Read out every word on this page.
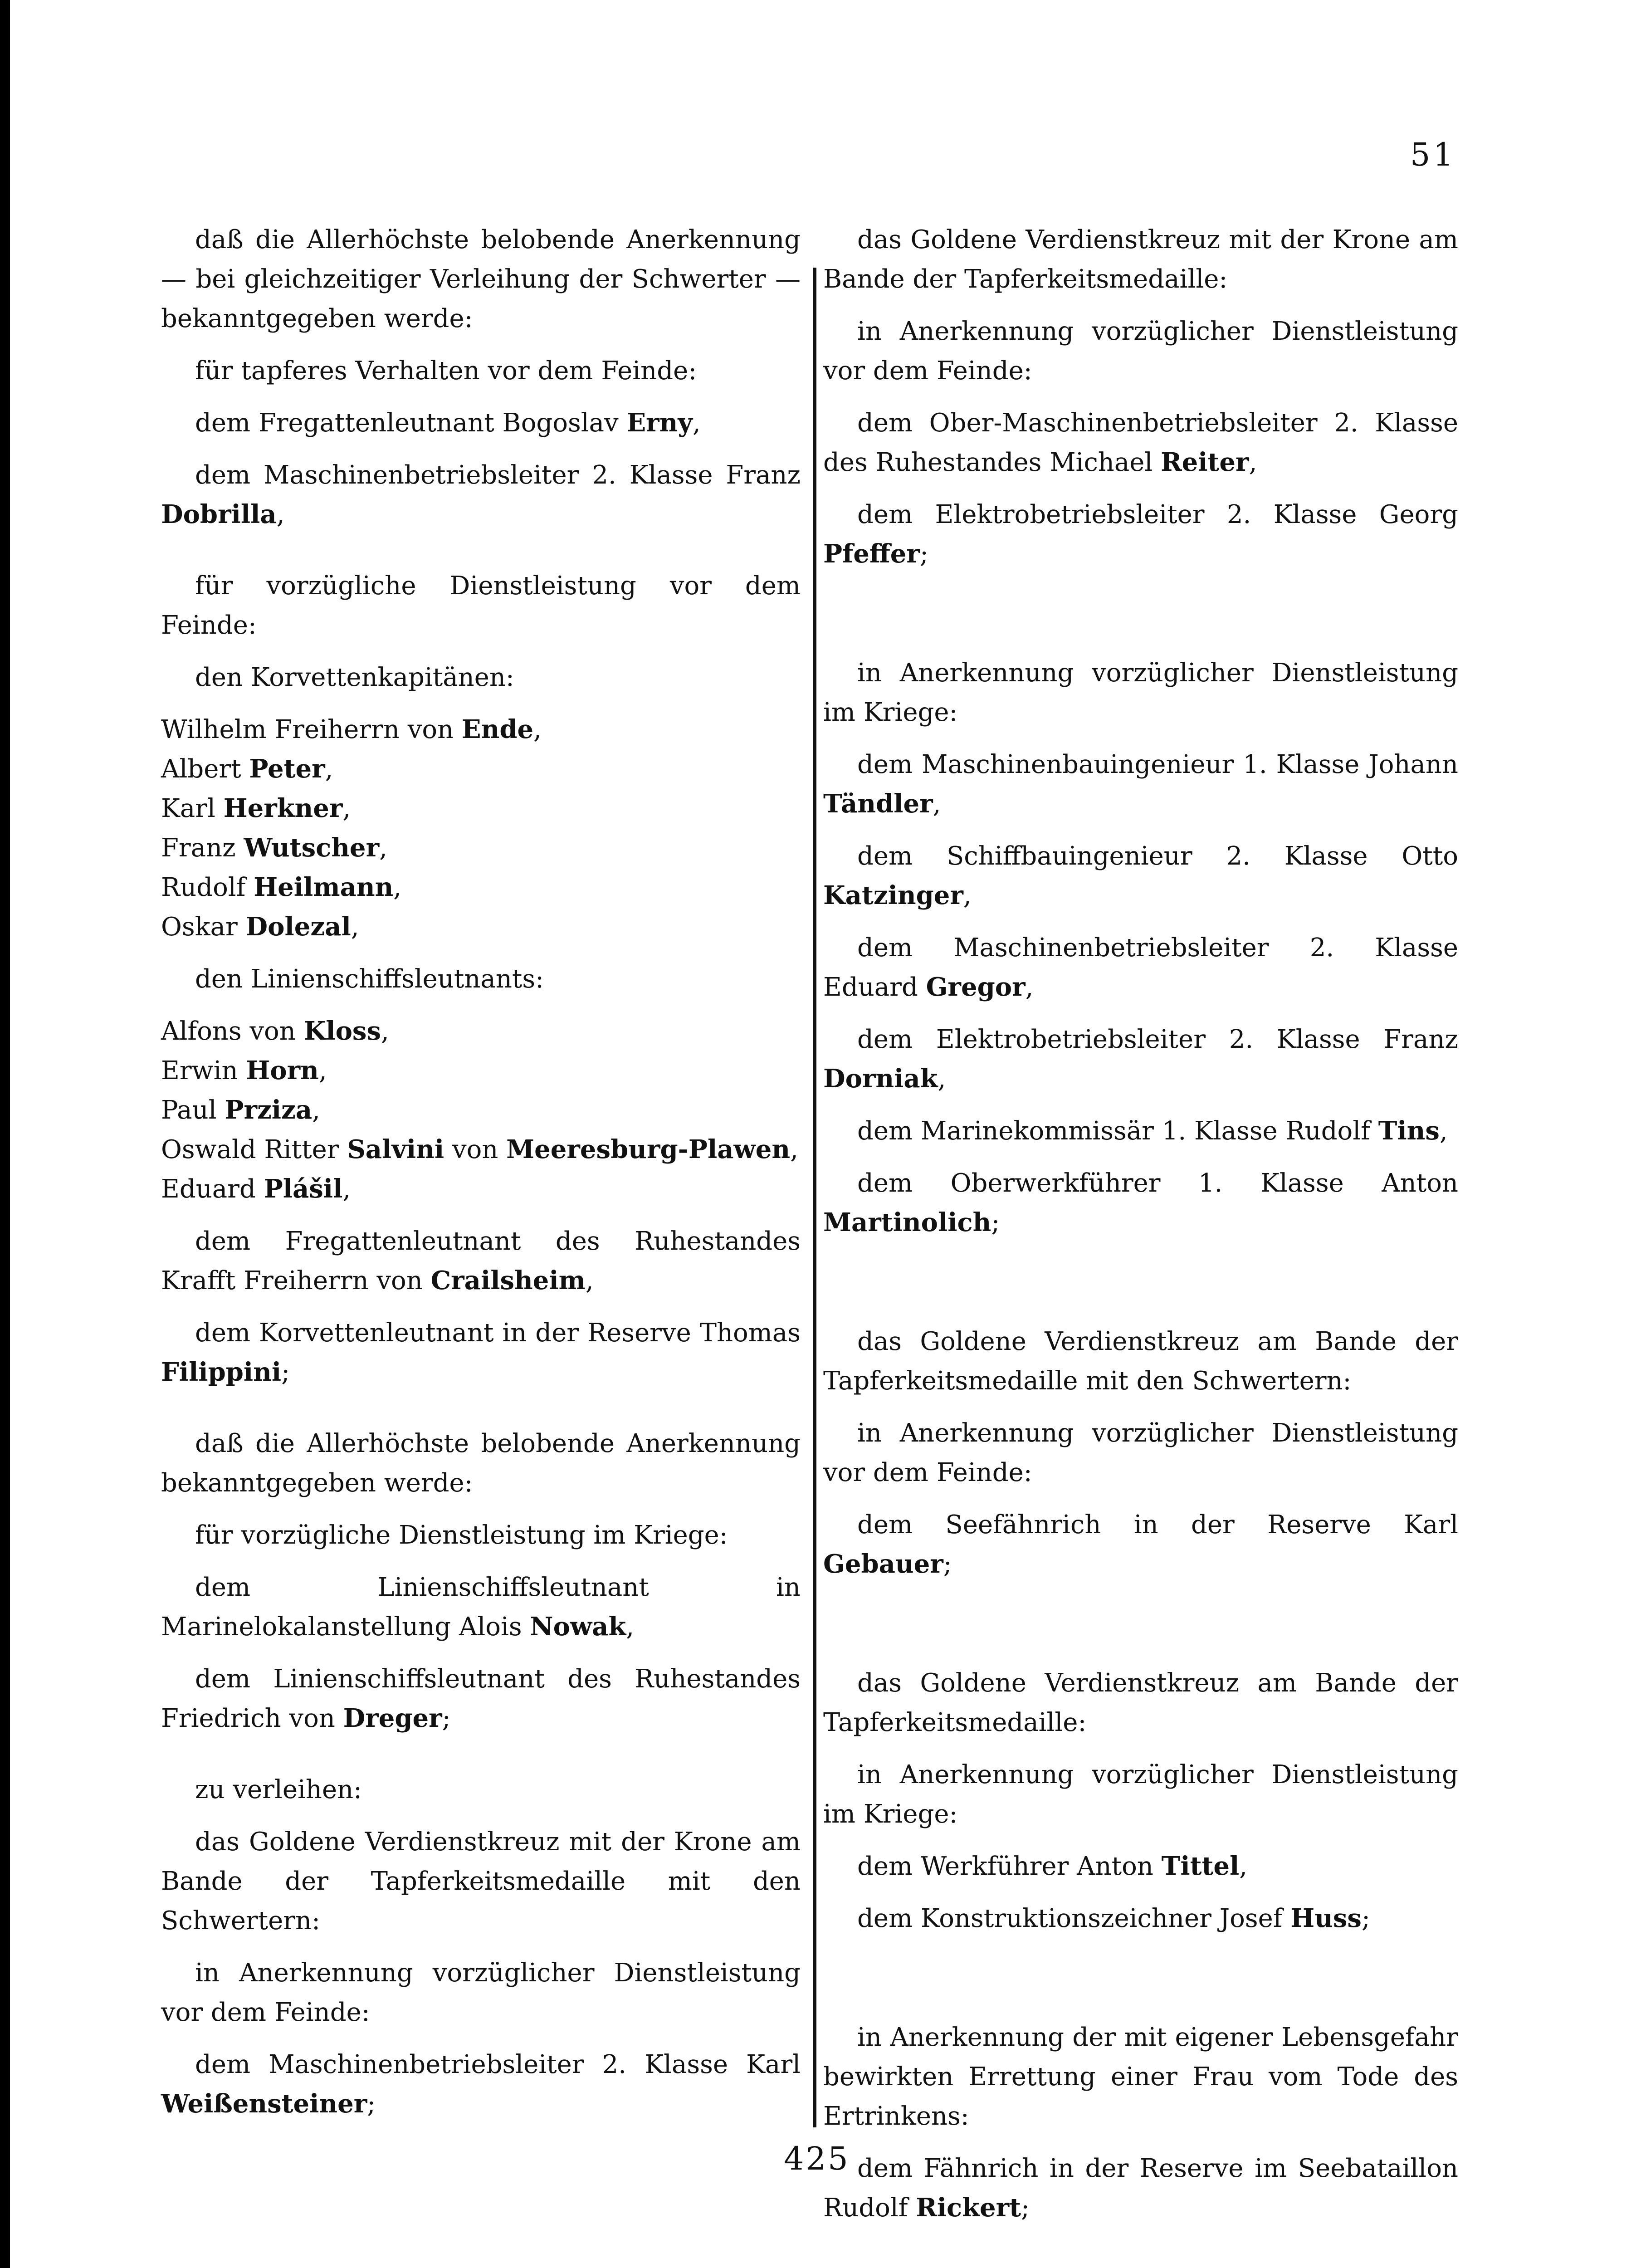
51

daß die Allerhöchste belobende Anerkennung — bei gleichzeitiger Verleihung der Schwerter — bekanntgegeben werde:

für tapferes Verhalten vor dem Feinde:

dem Fregattenleutnant Bogoslav Erny,

dem Maschinenbetriebsleiter 2. Klasse Franz Dobrilla,

für vorzügliche Dienstleistung vor dem Feinde:

den Korvettenkapitänen:

Wilhelm Freiherrn von Ende,
Albert Peter,
Karl Herkner,
Franz Wutscher,
Rudolf Heilmann,
Oskar Dolezal,

den Linienschiffsleutnants:

Alfons von Kloss,
Erwin Horn,
Paul Prziza,
Oswald Ritter Salvini von Meeresburg-Plawen,
Eduard Plášil,

dem Fregattenleutnant des Ruhestandes Krafft Freiherrn von Crailsheim,

dem Korvettenleutnant in der Reserve Thomas Filippini;

daß die Allerhöchste belobende Anerkennung bekanntgegeben werde:

für vorzügliche Dienstleistung im Kriege:

dem Linienschiffsleutnant in Marinelokalanstellung Alois Nowak,

dem Linienschiffsleutnant des Ruhestandes Friedrich von Dreger;

zu verleihen:

das Goldene Verdienstkreuz mit der Krone am Bande der Tapferkeitsmedaille mit den Schwertern:

in Anerkennung vorzüglicher Dienstleistung vor dem Feinde:

dem Maschinenbetriebsleiter 2. Klasse Karl Weißensteiner;

das Goldene Verdienstkreuz mit der Krone am Bande der Tapferkeitsmedaille:

in Anerkennung vorzüglicher Dienstleistung vor dem Feinde:

dem Ober-Maschinenbetriebsleiter 2. Klasse des Ruhestandes Michael Reiter,

dem Elektrobetriebsleiter 2. Klasse Georg Pfeffer;

in Anerkennung vorzüglicher Dienstleistung im Kriege:

dem Maschinenbauingenieur 1. Klasse Johann Tändler,

dem Schiffbauingenieur 2. Klasse Otto Katzinger,

dem Maschinenbetriebsleiter 2. Klasse Eduard Gregor,

dem Elektrobetriebsleiter 2. Klasse Franz Dorniak,

dem Marinekommissär 1. Klasse Rudolf Tins,

dem Oberwerkführer 1. Klasse Anton Martinolich;

das Goldene Verdienstkreuz am Bande der Tapferkeitsmedaille mit den Schwertern:

in Anerkennung vorzüglicher Dienstleistung vor dem Feinde:

dem Seefähnrich in der Reserve Karl Gebauer;

das Goldene Verdienstkreuz am Bande der Tapferkeitsmedaille:

in Anerkennung vorzüglicher Dienstleistung im Kriege:

dem Werkführer Anton Tittel,

dem Konstruktionszeichner Josef Huss;

in Anerkennung der mit eigener Lebensgefahr bewirkten Errettung einer Frau vom Tode des Ertrinkens:

dem Fähnrich in der Reserve im Seebataillon Rudolf Rickert;

425
